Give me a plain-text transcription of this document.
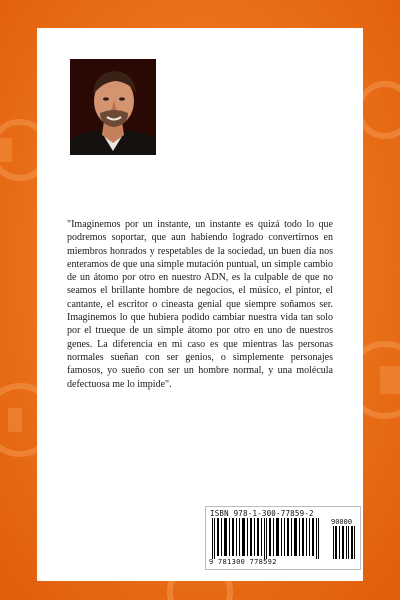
"Imaginemos por un instante, un instante es quizá todo lo que podremos soportar, que aun habiendo logrado convertirnos en miembros honrados y respetables de la sociedad, un buen día nos enteramos de que una simple mutación puntual, un simple cambio de un átomo por otro en nuestro ADN, es la culpable de que no seamos el brillante hombre de negocios, el músico, el pintor, el cantante, el escritor o cineasta genial que siempre soñamos ser. Imaginemos lo que hubiera podido cambiar nuestra vida tan solo por el trueque de un simple átomo por otro en uno de nuestros genes. La diferencia en mi caso es que mientras las personas normales sueñan con ser genios, o simplemente personajes famosos, yo sueño con ser un hombre normal, y una molécula defectuosa me lo impide".

ISBN 978-1-300-77859-2
90000
9 781300 778592
